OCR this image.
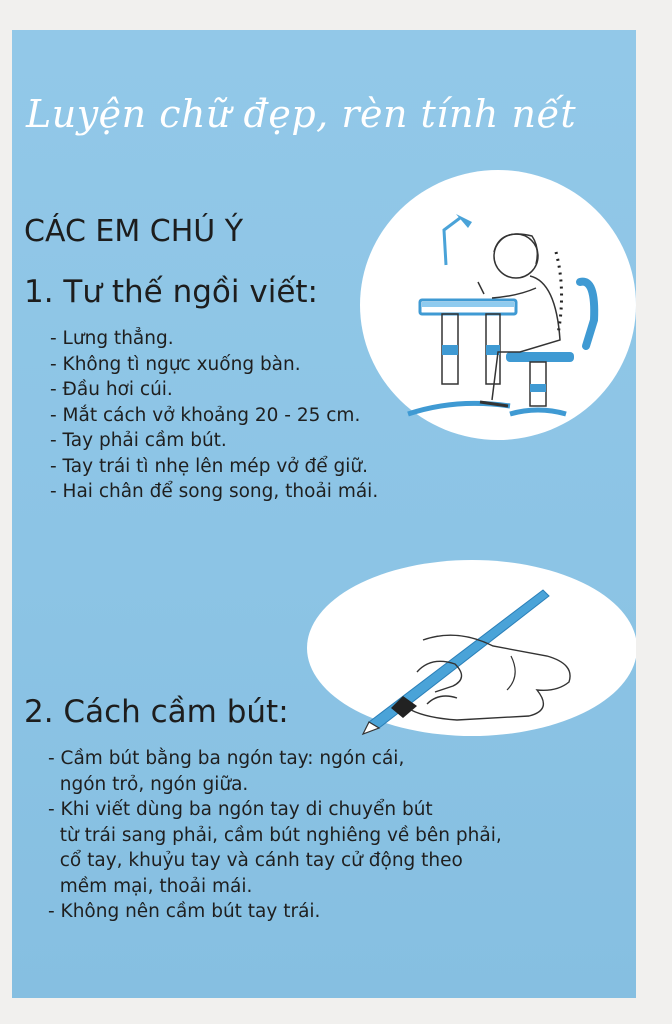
Luyện chữ đẹp, rèn tính nết
CÁC EM CHÚ Ý
1. Tư thế ngồi viết:
- Lưng thẳng.
- Không tì ngực xuống bàn.
- Đầu hơi cúi.
- Mắt cách vở khoảng 20 - 25 cm.
- Tay phải cầm bút.
- Tay trái tì nhẹ lên mép vở để giữ.
- Hai chân để song song, thoải mái.
2. Cách cầm bút:
- Cầm bút bằng ba ngón tay: ngón cái,
ngón trỏ, ngón giữa.
- Khi viết dùng ba ngón tay di chuyển bút
từ trái sang phải, cầm bút nghiêng về bên phải,
cổ tay, khuỷu tay và cánh tay cử động theo
mềm mại, thoải mái.
- Không nên cầm bút tay trái.
